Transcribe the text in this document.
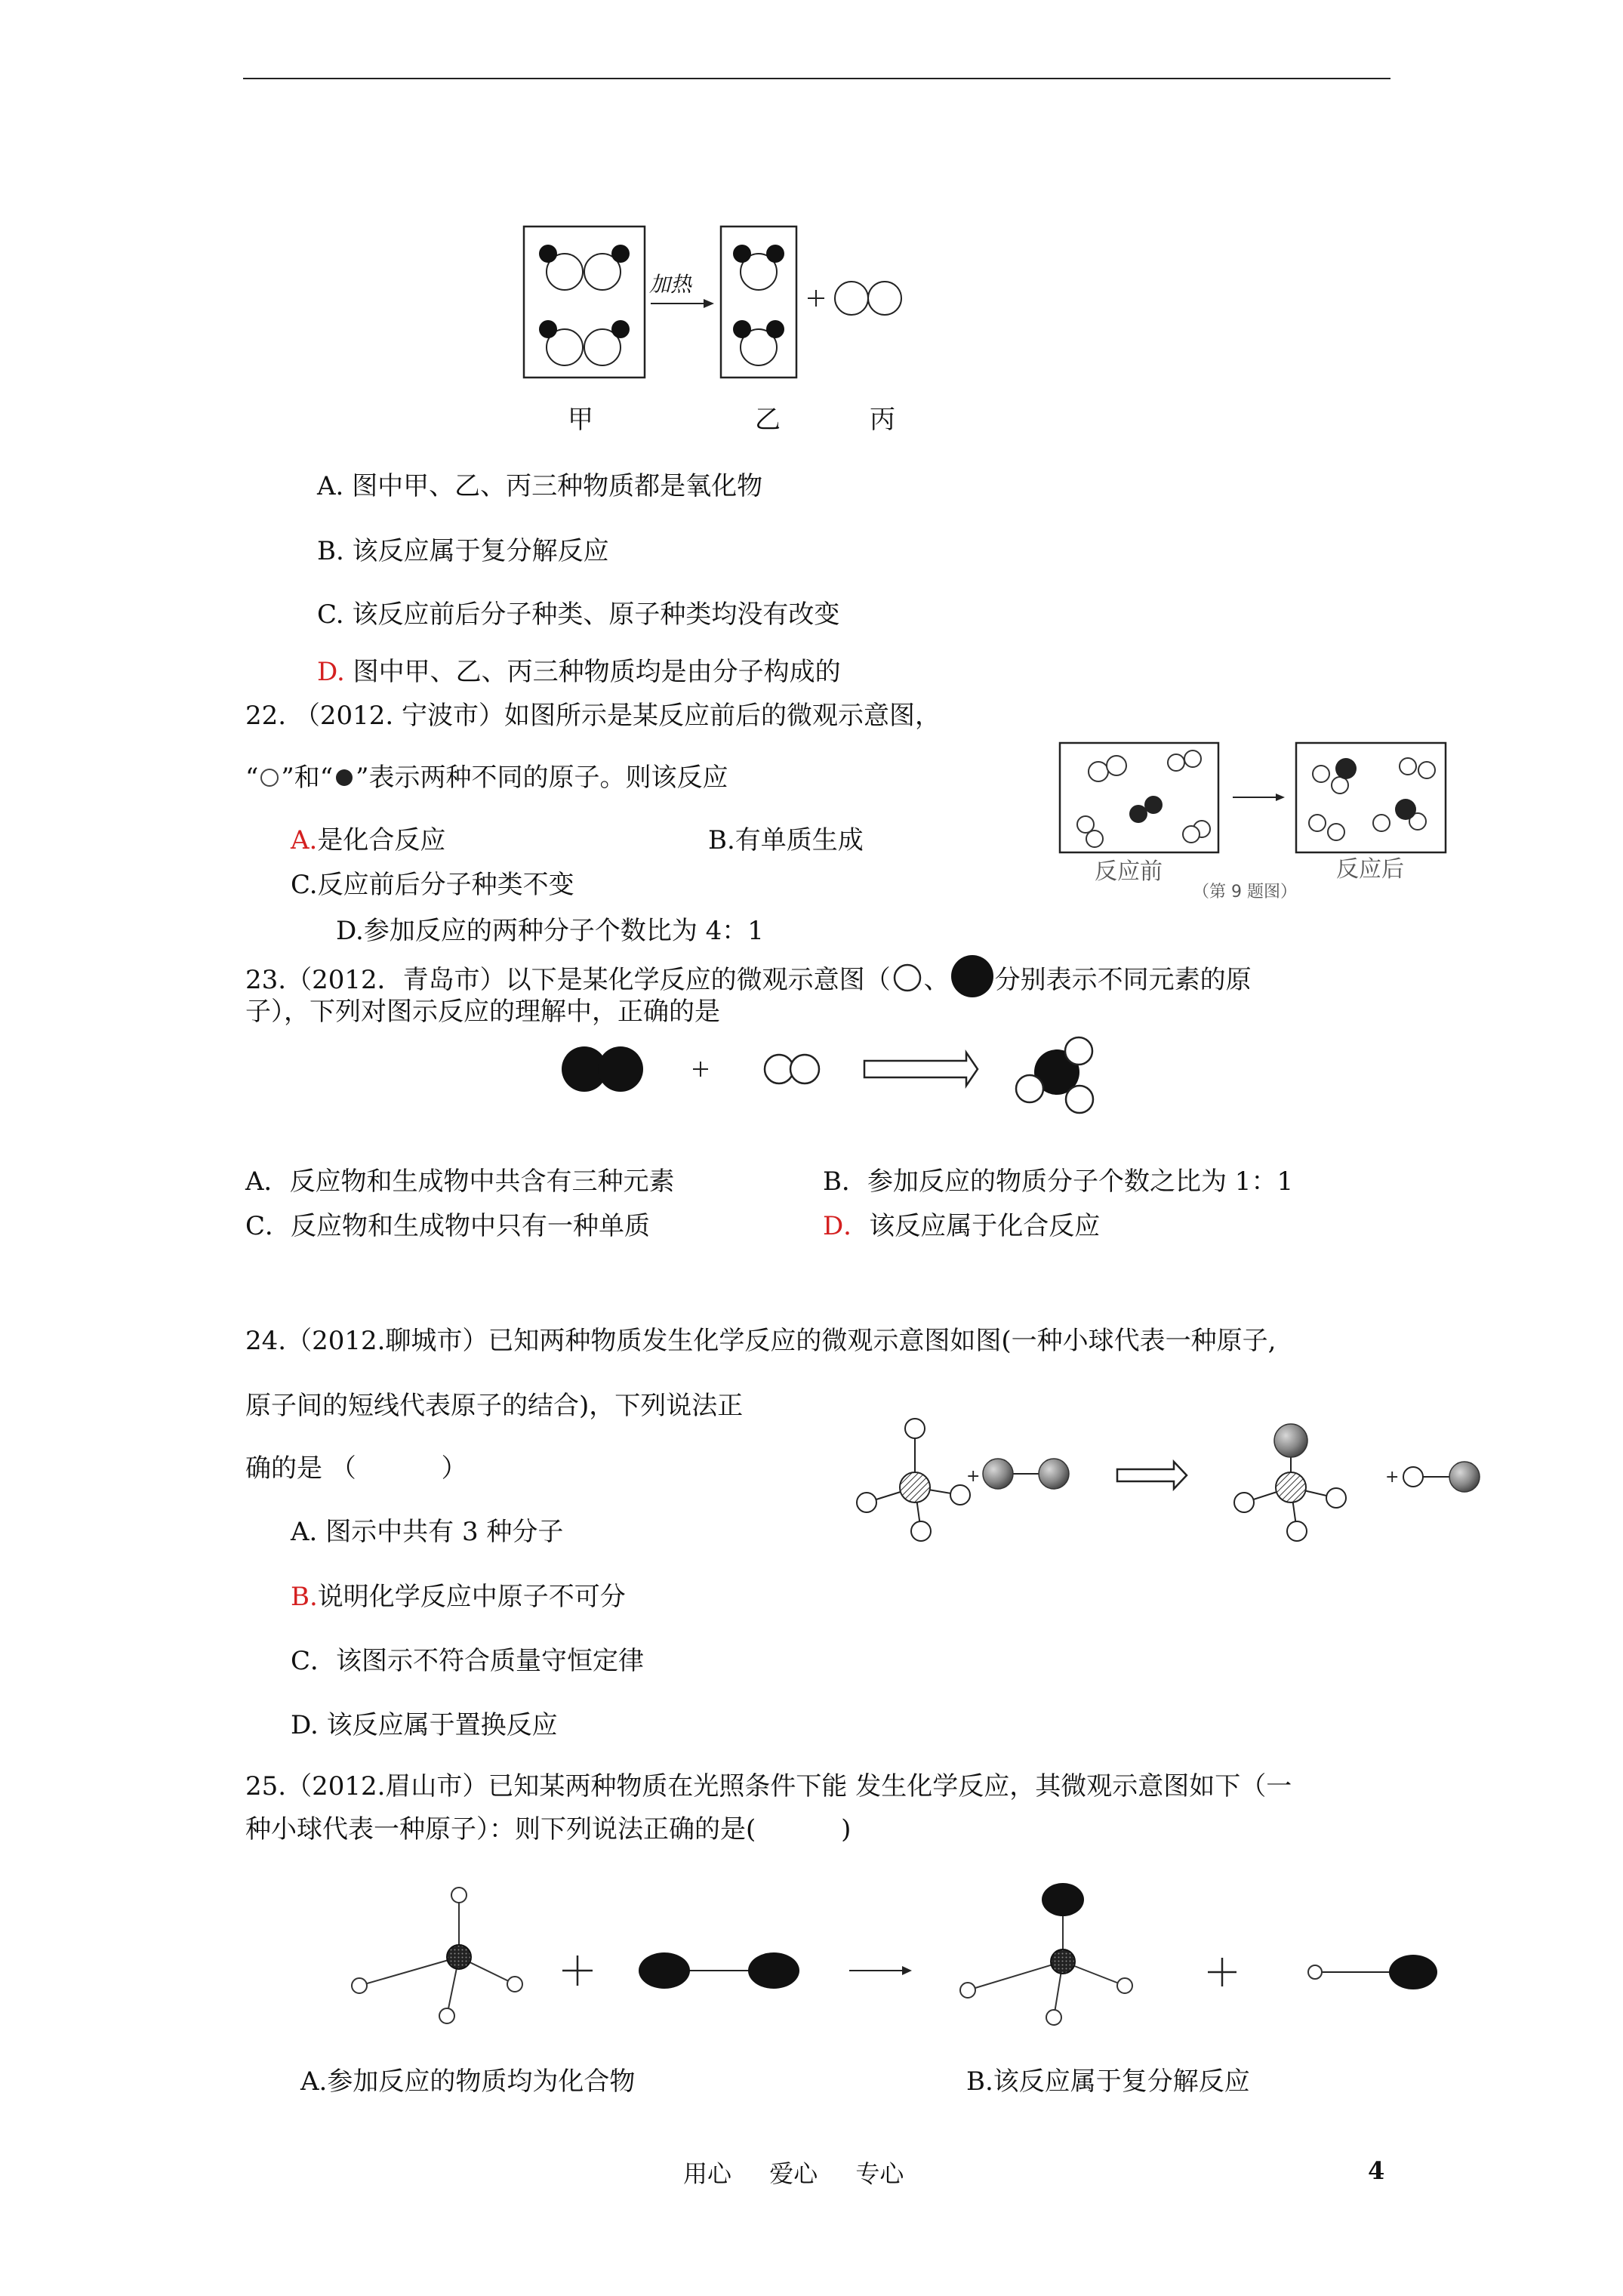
加热
甲	乙	丙
A. 图中甲、乙、丙三种物质都是氧化物
B. 该反应属于复分解反应
C. 该反应前后分子种类、原子种类均没有改变
D. 图中甲、乙、丙三种物质均是由分子构成的
22. （2012. 宁波市）如图所示是某反应前后的微观示意图，
“ ”和“ ”表示两种不同的原子。则该反应
反应前
（第 9 题图）
反应后
A.是化合反应	B.有单质生成
C.反应前后分子种类不变
D.参加反应的两种分子个数比为 4：1
23.（2012．青岛市）以下是某化学反应的微观示意图（ 、 分别表示不同元素的原
子），下列对图示反应的理解中，正确的是
A．反应物和生成物中共含有三种元素	B．参加反应的物质分子个数之比为 1：1
C．反应物和生成物中只有一种单质	D．该反应属于化合反应
24.（2012.聊城市）已知两种物质发生化学反应的微观示意图如图(一种小球代表一种原子,
原子间的短线代表原子的结合)，下列说法正
确的是 （　　　 ）	+	+
A. 图示中共有 3 种分子
B.说明化学反应中原子不可分
C．该图示不符合质量守恒定律
D. 该反应属于置换反应
25.（2012.眉山市）已知某两种物质在光照条件下能 发生化学反应，其微观示意图如下（一
种小球代表一种原子）：则下列说法正确的是(　　　 )
A.参加反应的物质均为化合物	B.该反应属于复分解反应
用心 爱心 专心	4
